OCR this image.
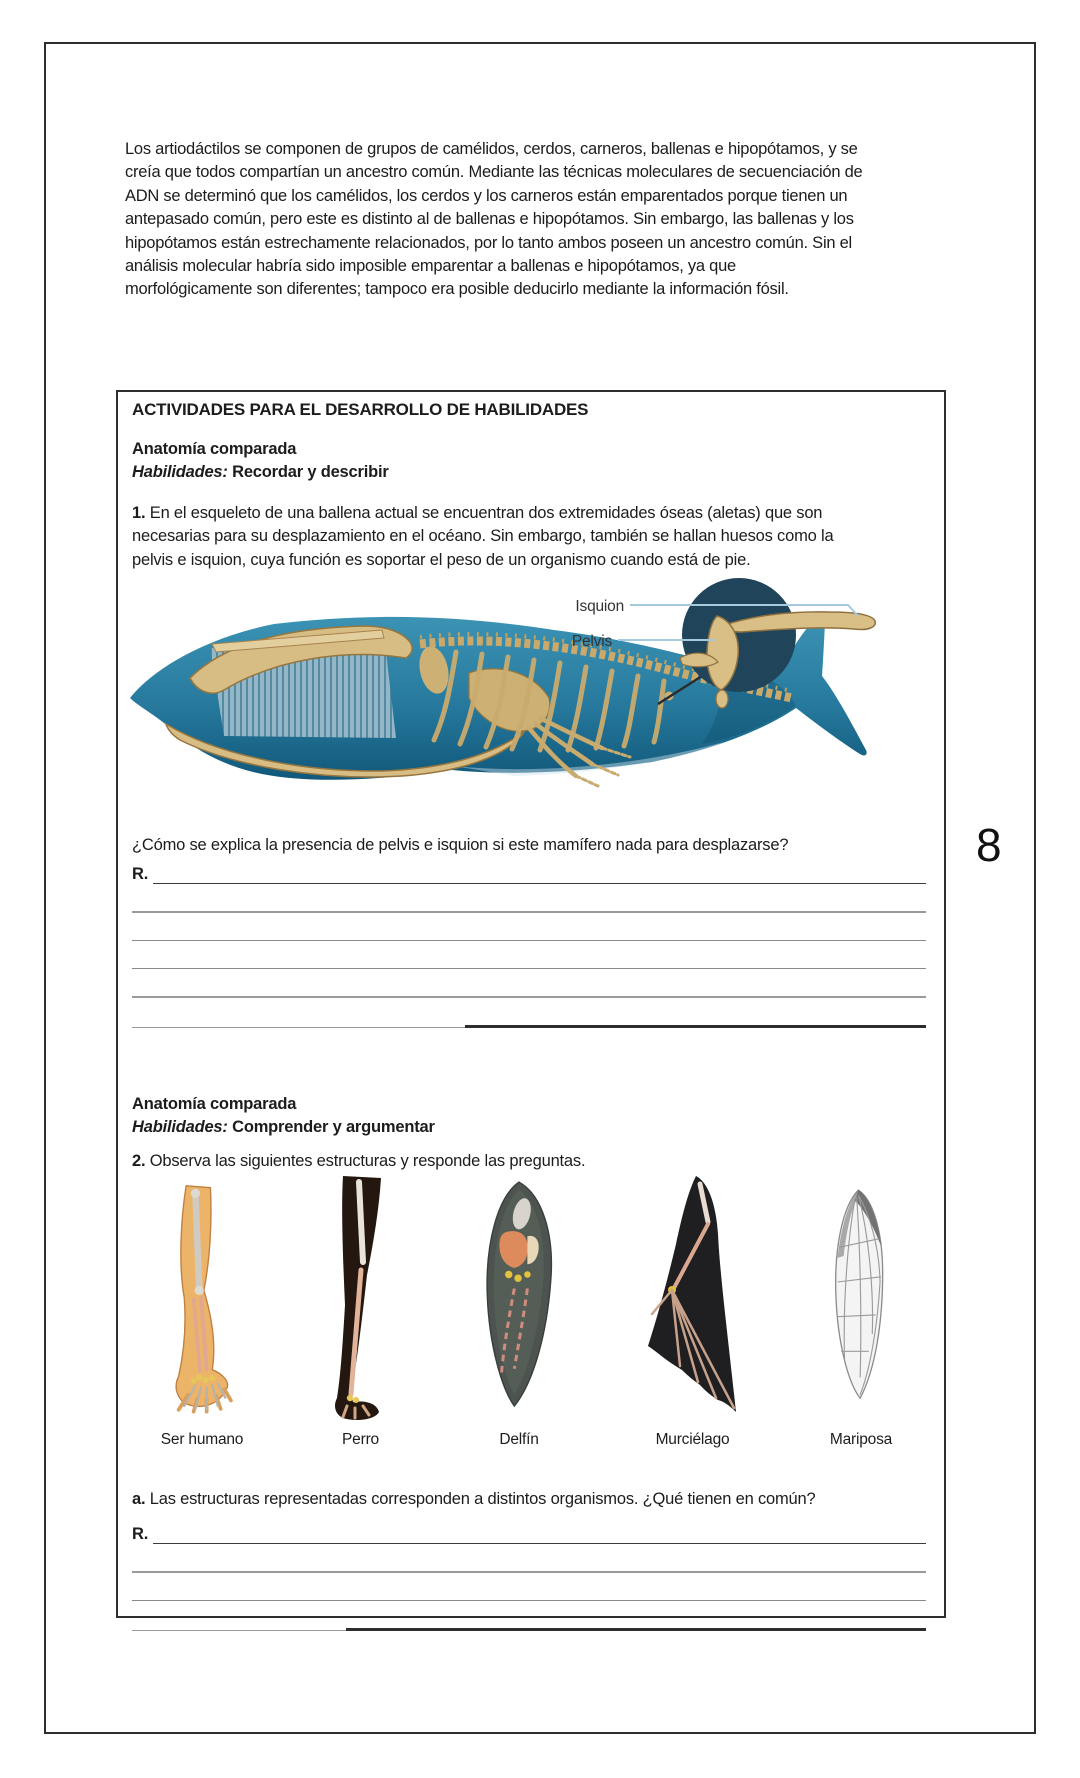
8
Los artiodáctilos se componen de grupos de camélidos, cerdos, carneros, ballenas e hipopótamos, y se
creía que todos compartían un ancestro común. Mediante las técnicas moleculares de secuenciación de
ADN se determinó que los camélidos, los cerdos y los carneros están emparentados porque tienen un
antepasado común, pero este es distinto al de ballenas e hipopótamos. Sin embargo, las ballenas y los
hipopótamos están estrechamente relacionados, por lo tanto ambos poseen un ancestro común. Sin el
análisis molecular habría sido imposible emparentar a ballenas e hipopótamos, ya que
morfológicamente son diferentes; tampoco era posible deducirlo mediante la información fósil.
ACTIVIDADES PARA EL DESARROLLO DE HABILIDADES
Anatomía comparada
Habilidades: Recordar y describir
1. En el esqueleto de una ballena actual se encuentran dos extremidades óseas (aletas) que son
necesarias para su desplazamiento en el océano. Sin embargo, también se hallan huesos como la
pelvis e isquion, cuya función es soportar el peso de un organismo cuando está de pie.
Isquion
Pelvis
¿Cómo se explica la presencia de pelvis e isquion si este mamífero nada para desplazarse?
R.
Anatomía comparada
Habilidades: Comprender y argumentar
2. Observa las siguientes estructuras y responde las preguntas.
Ser humano	Perro	Delfín	Murciélago	Mariposa
a. Las estructuras representadas corresponden a distintos organismos. ¿Qué tienen en común?
R.
